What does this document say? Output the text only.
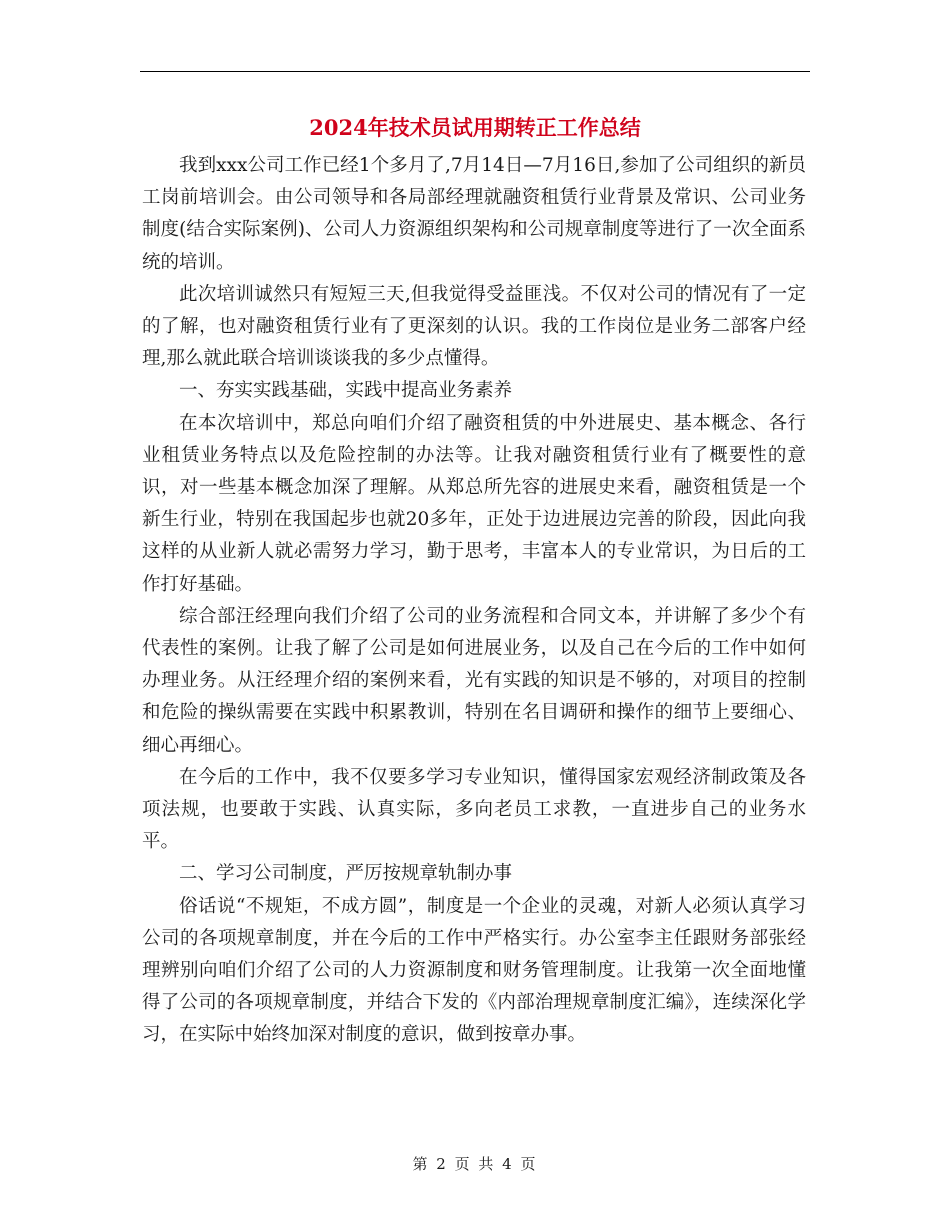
2024年技术员试用期转正工作总结

我到xxx公司工作已经1个多月了,7月14日—7月16日,参加了公司组织的新员工岗前培训会。由公司领导和各局部经理就融资租赁行业背景及常识、公司业务制度(结合实际案例)、公司人力资源组织架构和公司规章制度等进行了一次全面系统的培训。

此次培训诚然只有短短三天,但我觉得受益匪浅。不仅对公司的情况有了一定的了解，也对融资租赁行业有了更深刻的认识。我的工作岗位是业务二部客户经理,那么就此联合培训谈谈我的多少点懂得。

一、夯实实践基础，实践中提高业务素养

在本次培训中，郑总向咱们介绍了融资租赁的中外进展史、基本概念、各行业租赁业务特点以及危险控制的办法等。让我对融资租赁行业有了概要性的意识，对一些基本概念加深了理解。从郑总所先容的进展史来看，融资租赁是一个新生行业，特别在我国起步也就20多年，正处于边进展边完善的阶段，因此向我这样的从业新人就必需努力学习，勤于思考，丰富本人的专业常识，为日后的工作打好基础。

综合部汪经理向我们介绍了公司的业务流程和合同文本，并讲解了多少个有代表性的案例。让我了解了公司是如何进展业务，以及自己在今后的工作中如何办理业务。从汪经理介绍的案例来看，光有实践的知识是不够的，对项目的控制和危险的操纵需要在实践中积累教训，特别在名目调研和操作的细节上要细心、细心再细心。

在今后的工作中，我不仅要多学习专业知识，懂得国家宏观经济制政策及各项法规，也要敢于实践、认真实际，多向老员工求教，一直进步自己的业务水平。

二、学习公司制度，严厉按规章轨制办事

俗话说“不规矩，不成方圆”，制度是一个企业的灵魂，对新人必须认真学习公司的各项规章制度，并在今后的工作中严格实行。办公室李主任跟财务部张经理辨别向咱们介绍了公司的人力资源制度和财务管理制度。让我第一次全面地懂得了公司的各项规章制度，并结合下发的《内部治理规章制度汇编》，连续深化学习，在实际中始终加深对制度的意识，做到按章办事。

第 2 页 共 4 页
